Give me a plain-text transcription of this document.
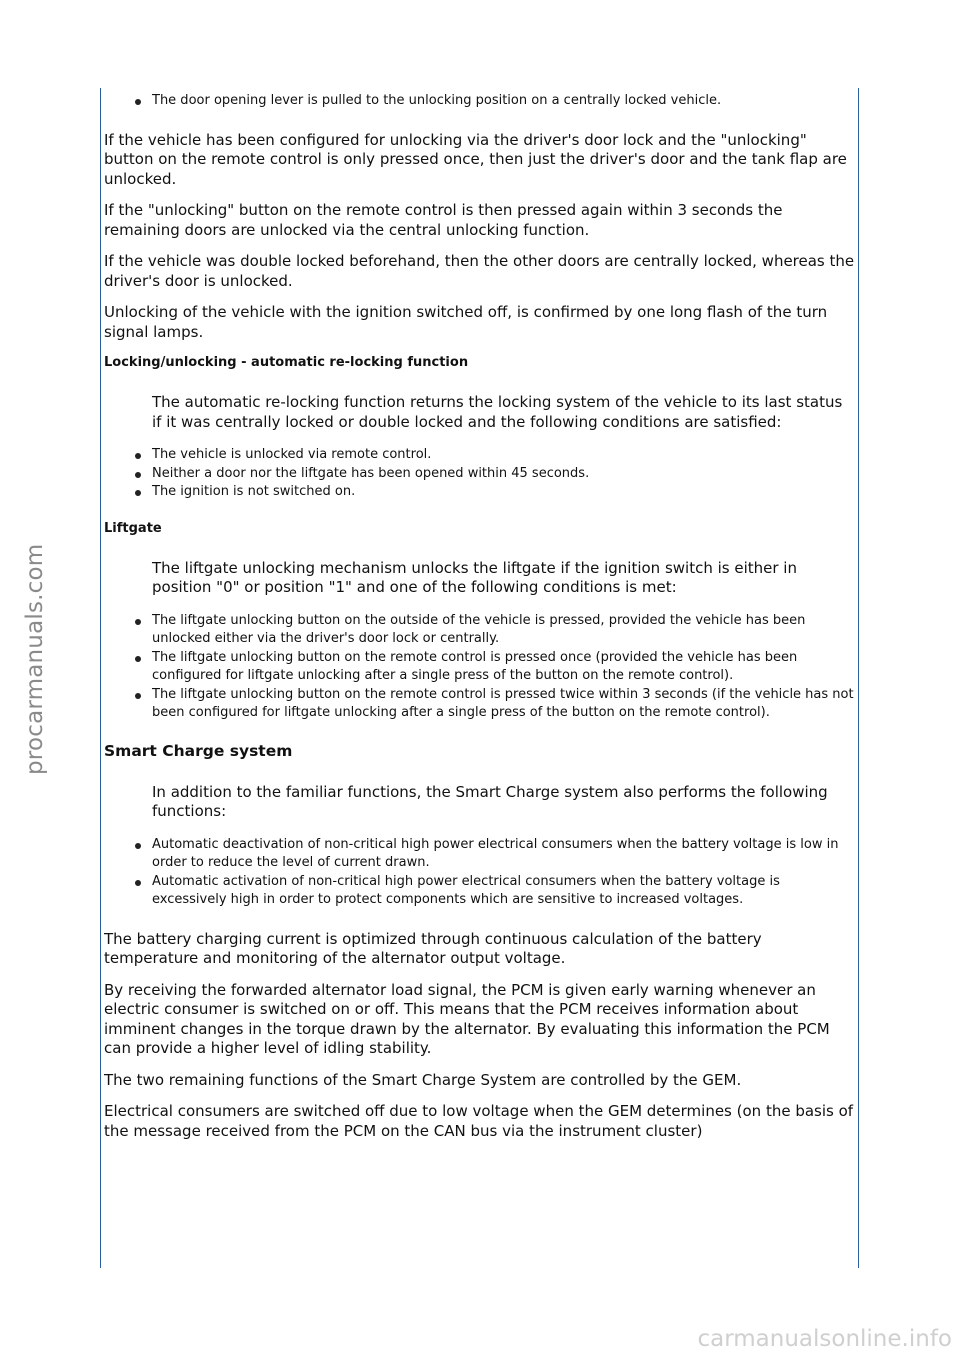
procarmanuals.com
carmanualsonline.info
The door opening lever is pulled to the unlocking position on a centrally locked vehicle.

If the vehicle has been configured for unlocking via the driver's door lock and the "unlocking" button on the remote control is only pressed once, then just the driver's door and the tank flap are unlocked.

If the "unlocking" button on the remote control is then pressed again within 3 seconds the remaining doors are unlocked via the central unlocking function.

If the vehicle was double locked beforehand, then the other doors are centrally locked, whereas the driver's door is unlocked.

Unlocking of the vehicle with the ignition switched off, is confirmed by one long flash of the turn signal lamps.

Locking/unlocking - automatic re-locking function

The automatic re-locking function returns the locking system of the vehicle to its last status if it was centrally locked or double locked and the following conditions are satisfied:

The vehicle is unlocked via remote control.
Neither a door nor the liftgate has been opened within 45 seconds.
The ignition is not switched on.
Liftgate

The liftgate unlocking mechanism unlocks the liftgate if the ignition switch is either in position "0" or position "1" and one of the following conditions is met:

The liftgate unlocking button on the outside of the vehicle is pressed, provided the vehicle has been unlocked either via the driver's door lock or centrally.
The liftgate unlocking button on the remote control is pressed once (provided the vehicle has been configured for liftgate unlocking after a single press of the button on the remote control).
The liftgate unlocking button on the remote control is pressed twice within 3 seconds (if the vehicle has not been configured for liftgate unlocking after a single press of the button on the remote control).
Smart Charge system

In addition to the familiar functions, the Smart Charge system also performs the following functions:

Automatic deactivation of non-critical high power electrical consumers when the battery voltage is low in order to reduce the level of current drawn.
Automatic activation of non-critical high power electrical consumers when the battery voltage is excessively high in order to protect components which are sensitive to increased voltages.

The battery charging current is optimized through continuous calculation of the battery temperature and monitoring of the alternator output voltage.

By receiving the forwarded alternator load signal, the PCM is given early warning whenever an electric consumer is switched on or off. This means that the PCM receives information about imminent changes in the torque drawn by the alternator. By evaluating this information the PCM can provide a higher level of idling stability.

The two remaining functions of the Smart Charge System are controlled by the GEM.

Electrical consumers are switched off due to low voltage when the GEM determines (on the basis of the message received from the PCM on the CAN bus via the instrument cluster)
